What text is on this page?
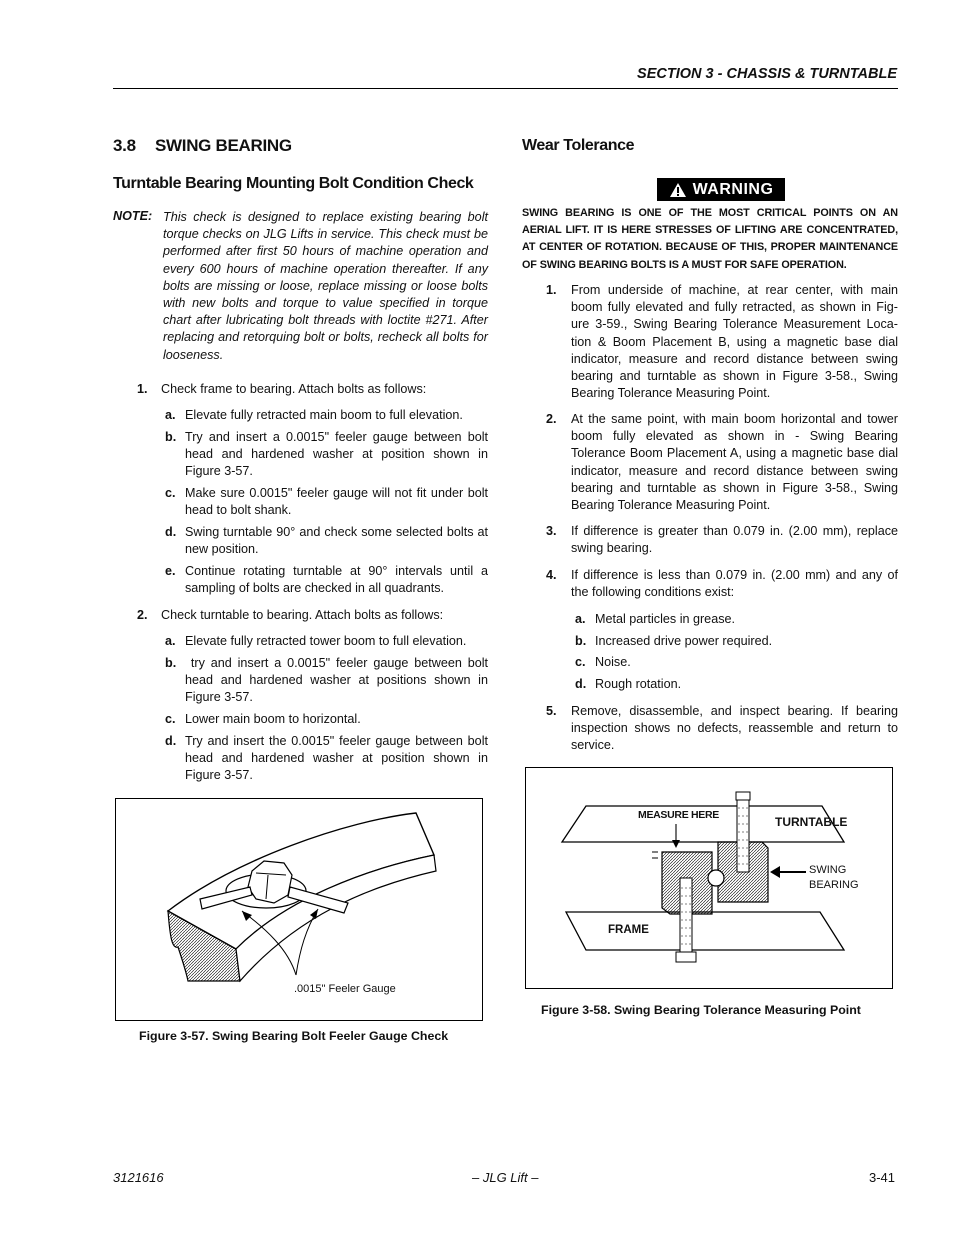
SECTION 3 - CHASSIS & TURNTABLE
3.8 SWING BEARING
Turntable Bearing Mounting Bolt Condition Check
NOTE: This check is designed to replace existing bearing bolt torque checks on JLG Lifts in service. This check must be performed after first 50 hours of machine operation and every 600 hours of machine operation thereafter. If any bolts are missing or loose, replace missing or loose bolts with new bolts and torque to value specified in torque chart after lubricating bolt threads with loctite #271. After replacing and retorquing bolt or bolts, recheck all bolts for looseness.
1.	Check frame to bearing. Attach bolts as follows:
a. Elevate fully retracted main boom to full elevation.
b. Try and insert a 0.0015" feeler gauge between bolt head and hardened washer at position shown in Figure 3-57.
c. Make sure 0.0015" feeler gauge will not fit under bolt head to bolt shank.
d. Swing turntable 90° and check some selected bolts at new position.
e. Continue rotating turntable at 90° intervals until a sampling of bolts are checked in all quadrants.
2.	Check turntable to bearing. Attach bolts as follows:
a. Elevate fully retracted tower boom to full elevation.
b. try and insert a 0.0015" feeler gauge between bolt head and hardened washer at positions shown in Figure 3-57.
c. Lower main boom to horizontal.
d. Try and insert the 0.0015" feeler gauge between bolt head and hardened washer at position shown in Figure 3-57.
.0015" Feeler Gauge
Figure 3-57. Swing Bearing Bolt Feeler Gauge Check
Wear Tolerance
WARNING
SWING BEARING IS ONE OF THE MOST CRITICAL POINTS ON AN AERIAL LIFT. IT IS HERE STRESSES OF LIFTING ARE CONCENTRATED, AT CENTER OF ROTATION. BECAUSE OF THIS, PROPER MAINTENANCE OF SWING BEARING BOLTS IS A MUST FOR SAFE OPERATION.
1.	From underside of machine, at rear center, with main boom fully elevated and fully retracted, as shown in Fig-ure 3-59., Swing Bearing Tolerance Measurement Loca-tion & Boom Placement B, using a magnetic base dial indicator, measure and record distance between swing bearing and turntable as shown in Figure 3-58., Swing Bearing Tolerance Measuring Point.
2.	At the same point, with main boom horizontal and tower boom fully elevated as shown in - Swing Bearing Tolerance Boom Placement A, using a magnetic base dial indicator, measure and record distance between swing bearing and turntable as shown in Figure 3-58., Swing Bearing Tolerance Measuring Point.
3.	If difference is greater than 0.079 in. (2.00 mm), replace swing bearing.
4.	If difference is less than 0.079 in. (2.00 mm) and any of the following conditions exist:
a. Metal particles in grease.
b. Increased drive power required.
c. Noise.
d. Rough rotation.
5.	Remove, disassemble, and inspect bearing. If bearing inspection shows no defects, reassemble and return to service.
MEASURE HERE	TURNTABLE
SWING
BEARING
FRAME
Figure 3-58. Swing Bearing Tolerance Measuring Point
3121616	– JLG Lift –	3-41
